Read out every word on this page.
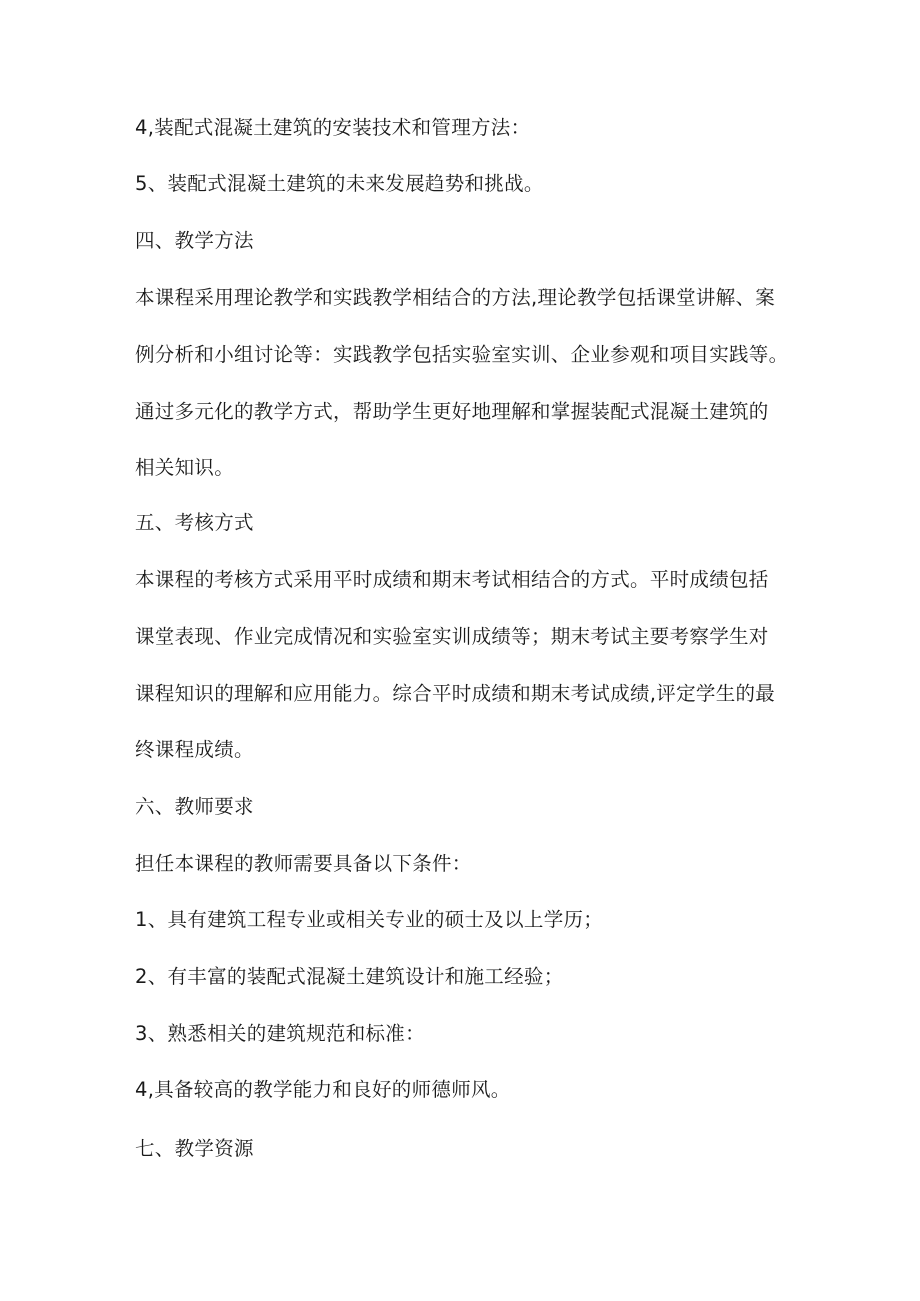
4,装配式混凝土建筑的安装技术和管理方法：
5、装配式混凝土建筑的未来发展趋势和挑战。
四、教学方法
本课程采用理论教学和实践教学相结合的方法,理论教学包括课堂讲解、案
例分析和小组讨论等：实践教学包括实验室实训、企业参观和项目实践等。
通过多元化的教学方式，帮助学生更好地理解和掌握装配式混凝土建筑的
相关知识。
五、考核方式
本课程的考核方式采用平时成绩和期末考试相结合的方式。平时成绩包括
课堂表现、作业完成情况和实验室实训成绩等；期末考试主要考察学生对
课程知识的理解和应用能力。综合平时成绩和期末考试成绩,评定学生的最
终课程成绩。
六、教师要求
担任本课程的教师需要具备以下条件：
1、具有建筑工程专业或相关专业的硕士及以上学历；
2、有丰富的装配式混凝土建筑设计和施工经验；
3、熟悉相关的建筑规范和标准：
4,具备较高的教学能力和良好的师德师风。
七、教学资源
